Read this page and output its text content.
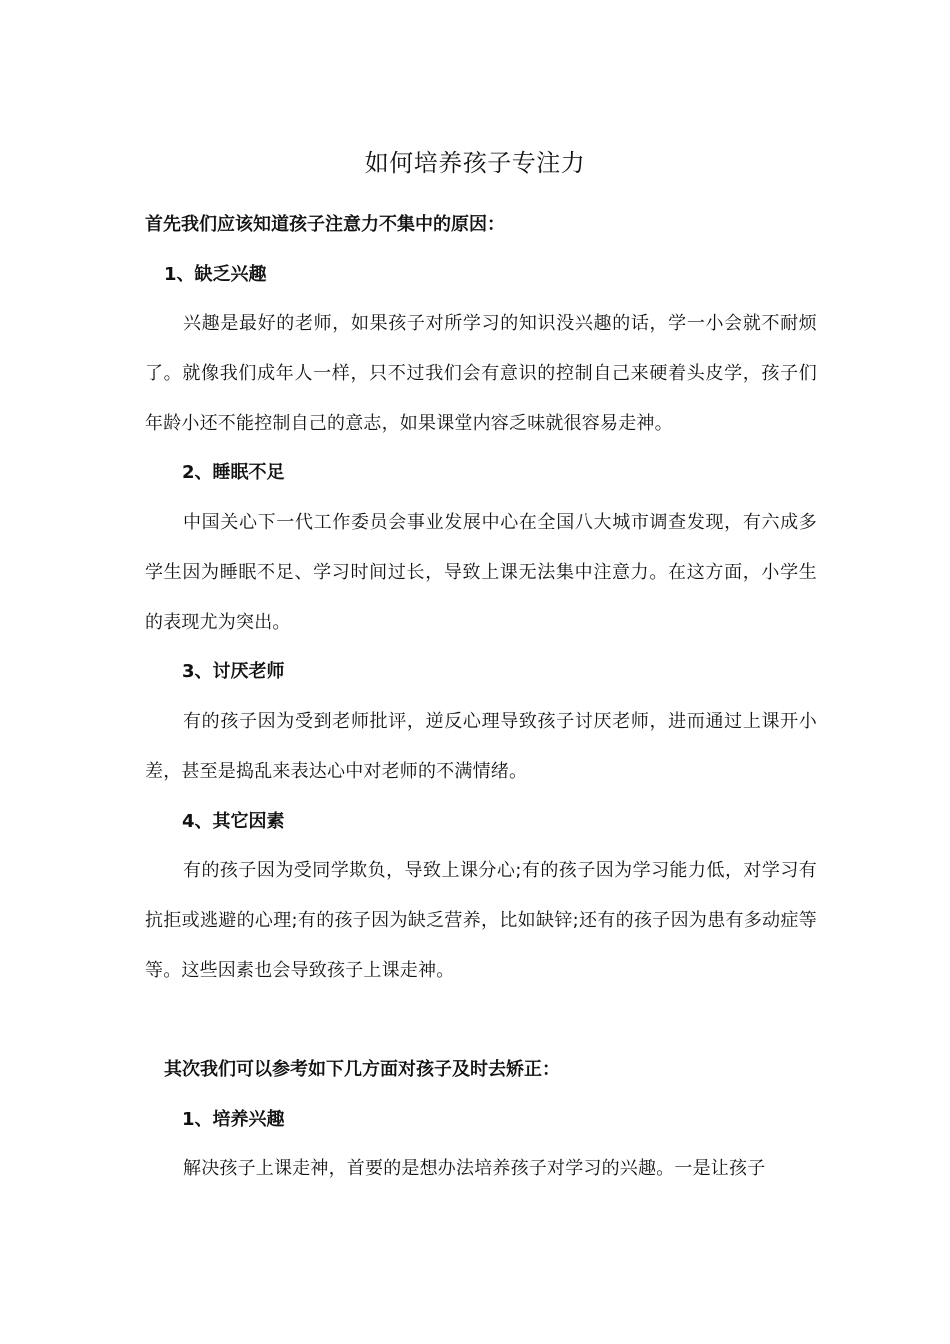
如何培养孩子专注力
首先我们应该知道孩子注意力不集中的原因：
1、缺乏兴趣
兴趣是最好的老师，如果孩子对所学习的知识没兴趣的话，学一小会就不耐烦了。就像我们成年人一样，只不过我们会有意识的控制自己来硬着头皮学，孩子们年龄小还不能控制自己的意志，如果课堂内容乏味就很容易走神。
2、睡眠不足
中国关心下一代工作委员会事业发展中心在全国八大城市调查发现，有六成多学生因为睡眠不足、学习时间过长，导致上课无法集中注意力。在这方面，小学生的表现尤为突出。
3、讨厌老师
有的孩子因为受到老师批评，逆反心理导致孩子讨厌老师，进而通过上课开小差，甚至是捣乱来表达心中对老师的不满情绪。
4、其它因素
有的孩子因为受同学欺负，导致上课分心;有的孩子因为学习能力低，对学习有抗拒或逃避的心理;有的孩子因为缺乏营养，比如缺锌;还有的孩子因为患有多动症等等。这些因素也会导致孩子上课走神。
其次我们可以参考如下几方面对孩子及时去矫正：
1、培养兴趣
解决孩子上课走神，首要的是想办法培养孩子对学习的兴趣。一是让孩子
